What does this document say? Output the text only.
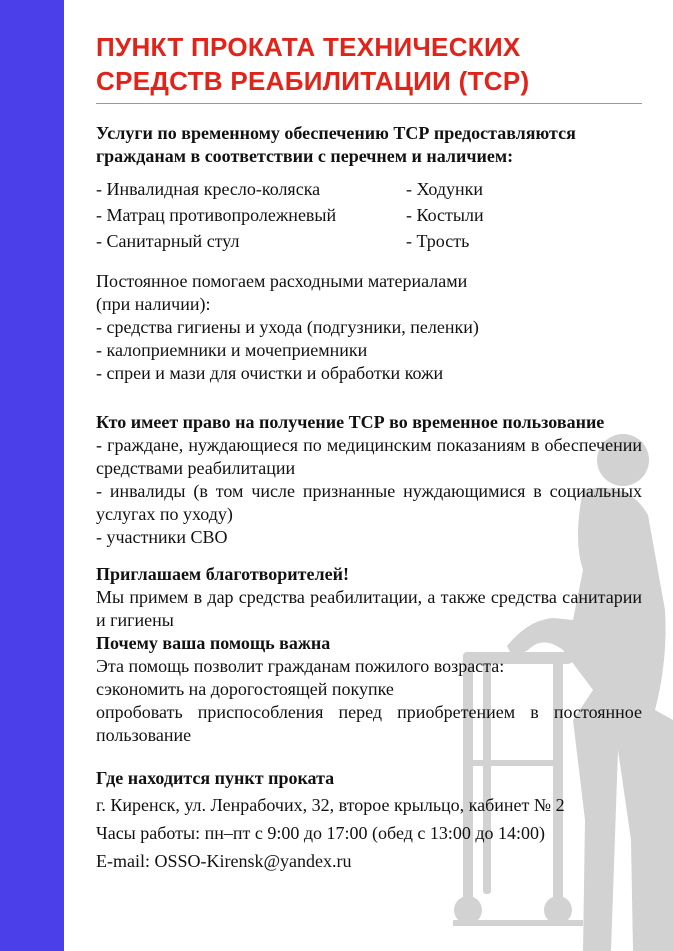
ПУНКТ ПРОКАТА ТЕХНИЧЕСКИХ
СРЕДСТВ РЕАБИЛИТАЦИИ (ТСР)

Услуги по временному обеспечению ТСР предоставляются гражданам в соответствии с перечнем и наличием:

- Инвалидная кресло-коляска
- Матрац противопролежневый
- Санитарный стул
- Ходунки
- Костыли
- Трость
Постоянное помогаем расходными материалами
(при наличии):
- средства гигиены и ухода (подгузники, пеленки)
- калоприемники и мочеприемники
- спреи и мази для очистки и обработки кожи

Кто имеет право на получение ТСР во временное пользование

- граждане, нуждающиеся по медицинским показаниям в обеспечении средствами реабилитации

- инвалиды (в том числе признанные нуждающимися в социальных услугах по уходу)

- участники СВО

Приглашаем благотворителей!

Мы примем в дар средства реабилитации, а также средства санитарии и гигиены

Почему ваша помощь важна

Эта помощь позволит гражданам пожилого возраста:

сэкономить на дорогостоящей покупке

опробовать приспособления перед приобретением в постоянное пользование

Где находится пункт проката

г. Киренск, ул. Ленрабочих, 32, второе крыльцо, кабинет № 2
Часы работы: пн–пт с 9:00 до 17:00 (обед с 13:00 до 14:00)
E-mail: OSSO-Kirensk@yandex.ru
